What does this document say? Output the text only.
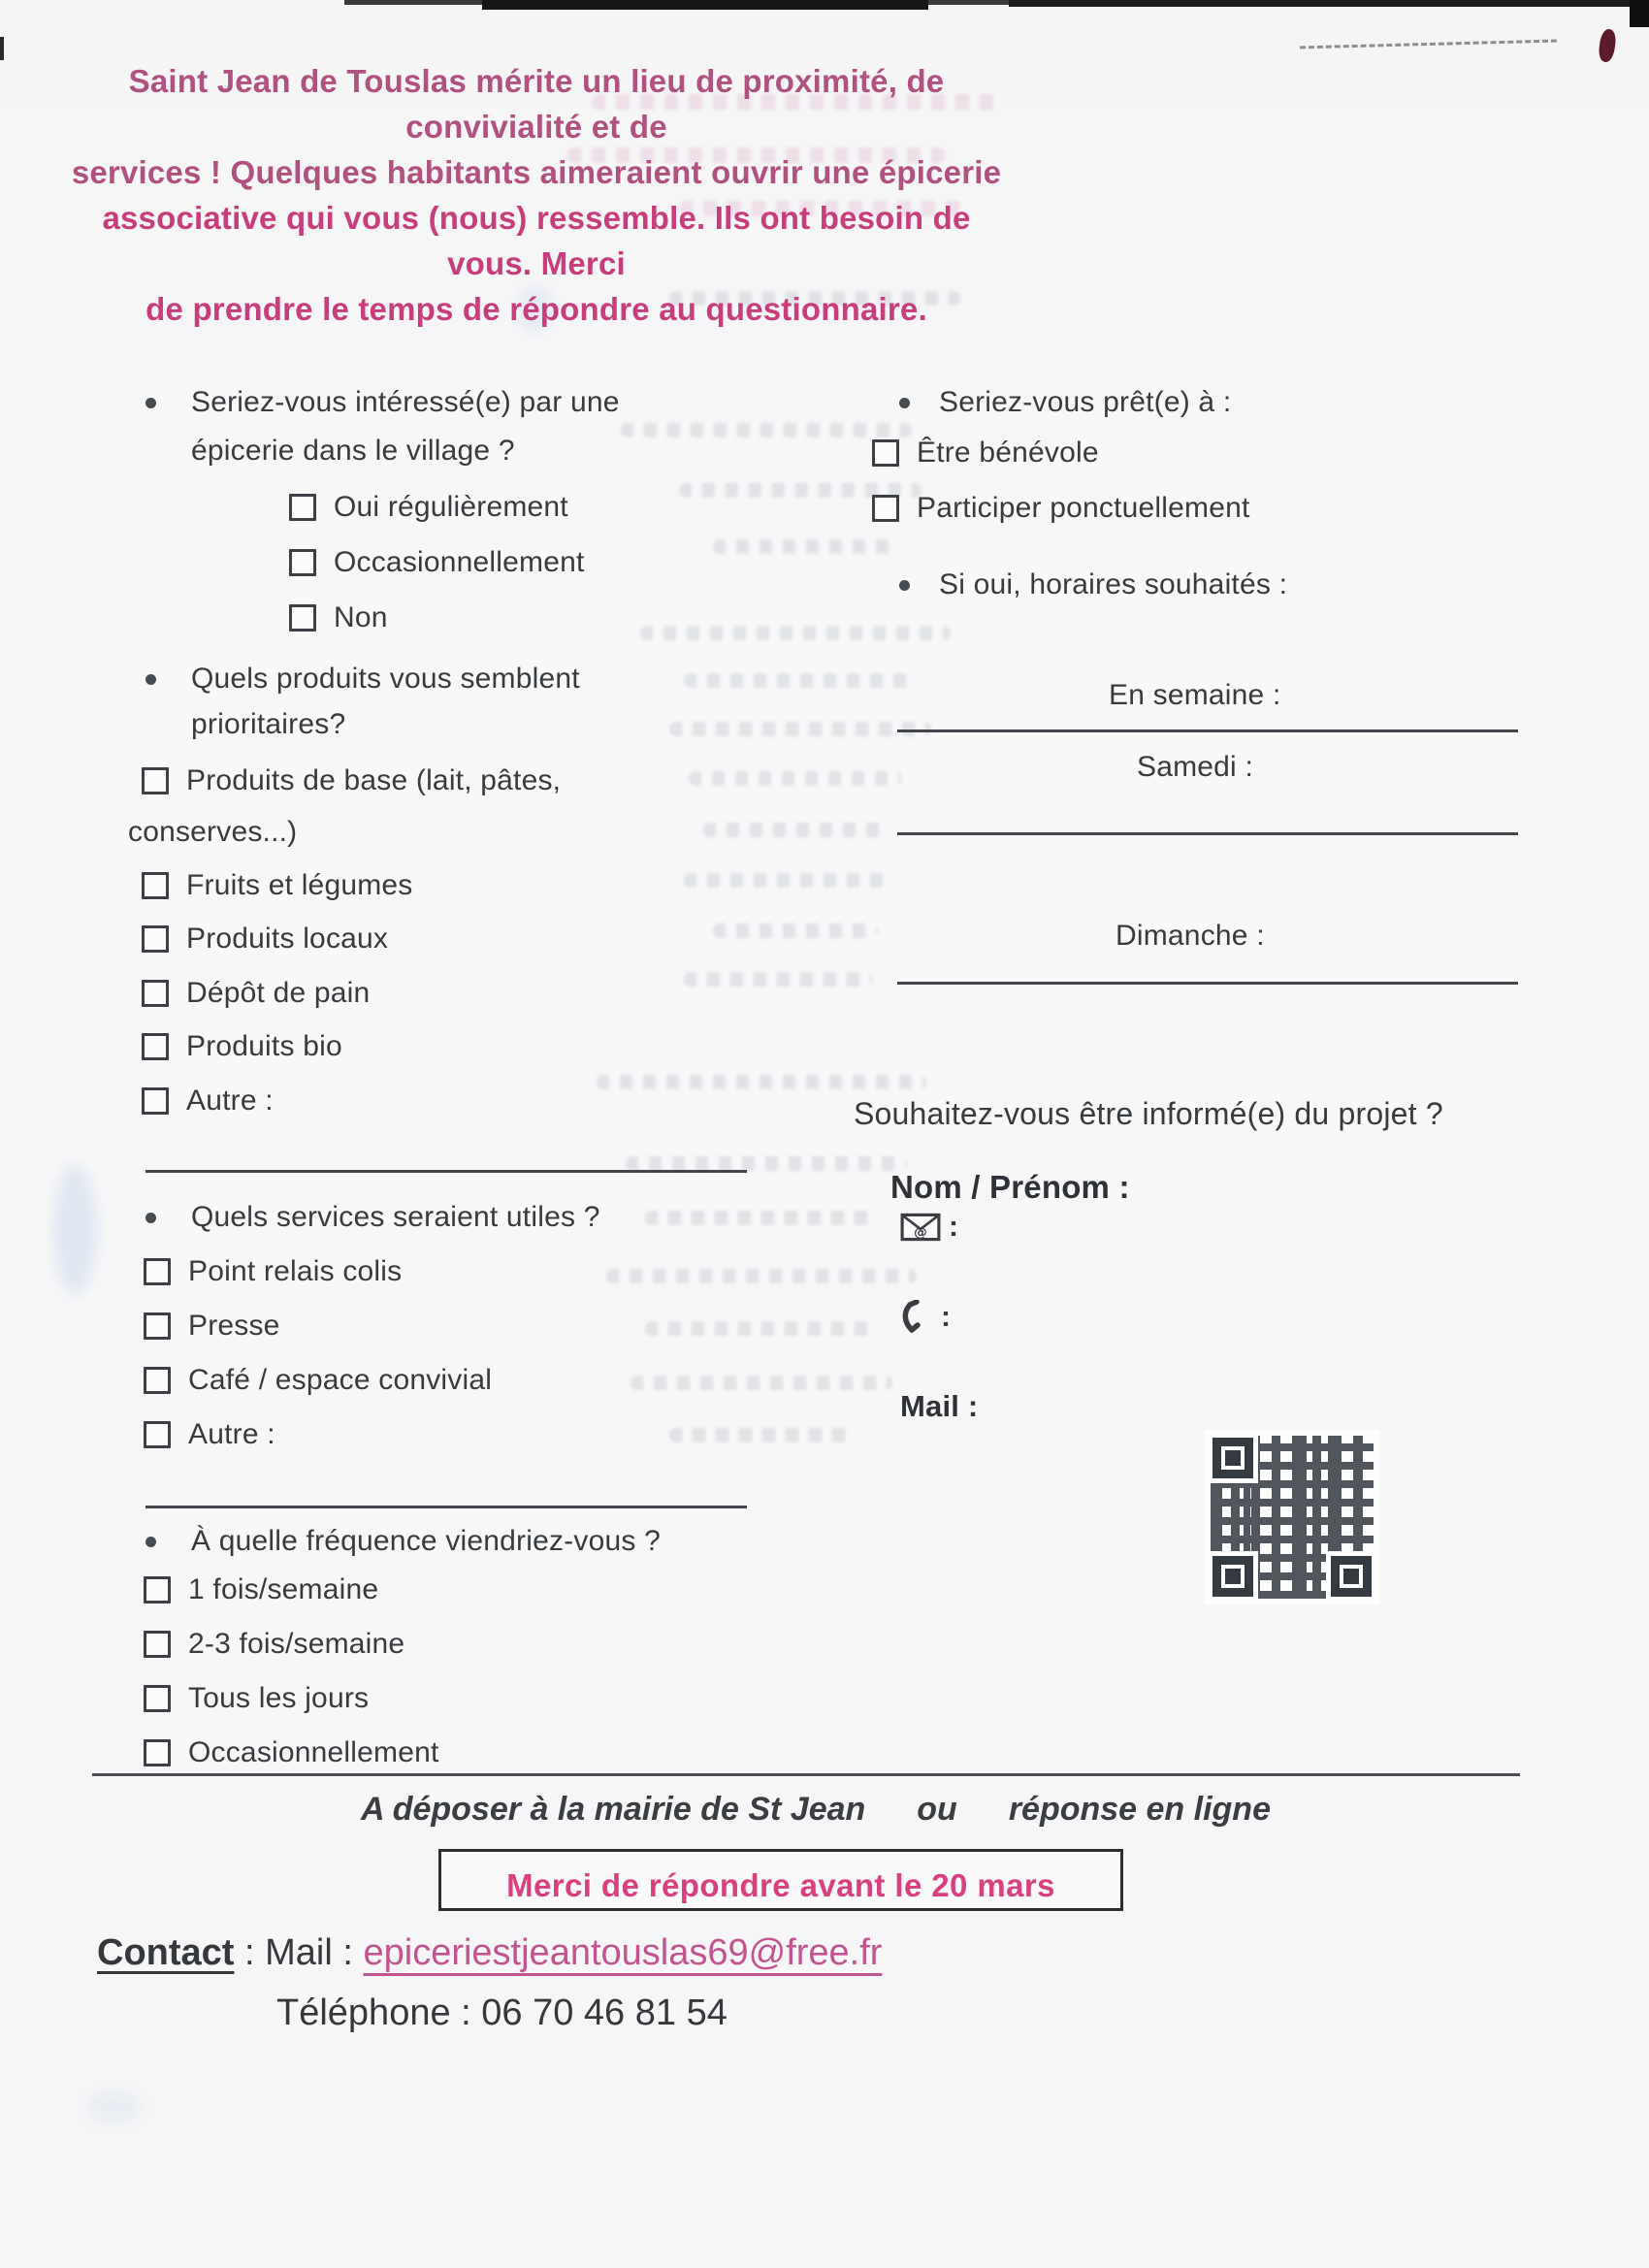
Saint Jean de Touslas mérite un lieu de proximité, de convivialité et de
services ! Quelques habitants aimeraient ouvrir une épicerie
associative qui vous (nous) ressemble. Ils ont besoin de vous. Merci
de prendre le temps de répondre au questionnaire.
Seriez-vous intéressé(e) par une
épicerie dans le village ?
Oui régulièrement
Occasionnellement
Non
Quels produits vous semblent
prioritaires?
Produits de base (lait, pâtes,
conserves...)
Fruits et légumes
Produits locaux
Dépôt de pain
Produits bio
Autre :
Quels services seraient utiles ?
Point relais colis
Presse
Café / espace convivial
Autre :
À quelle fréquence viendriez-vous ?
1 fois/semaine
2-3 fois/semaine
Tous les jours
Occasionnellement
Seriez-vous prêt(e) à :
Être bénévole
Participer ponctuellement
Si oui, horaires souhaités :
En semaine :
Samedi :
Dimanche :
Souhaitez-vous être informé(e) du projet ?
Nom / Prénom :
@ :
:
Mail :
A déposer à la mairie de St Jean ou réponse en ligne
Merci de répondre avant le 20 mars
Contact : Mail : epiceriestjeantouslas69@free.fr
Téléphone : 06 70 46 81 54
